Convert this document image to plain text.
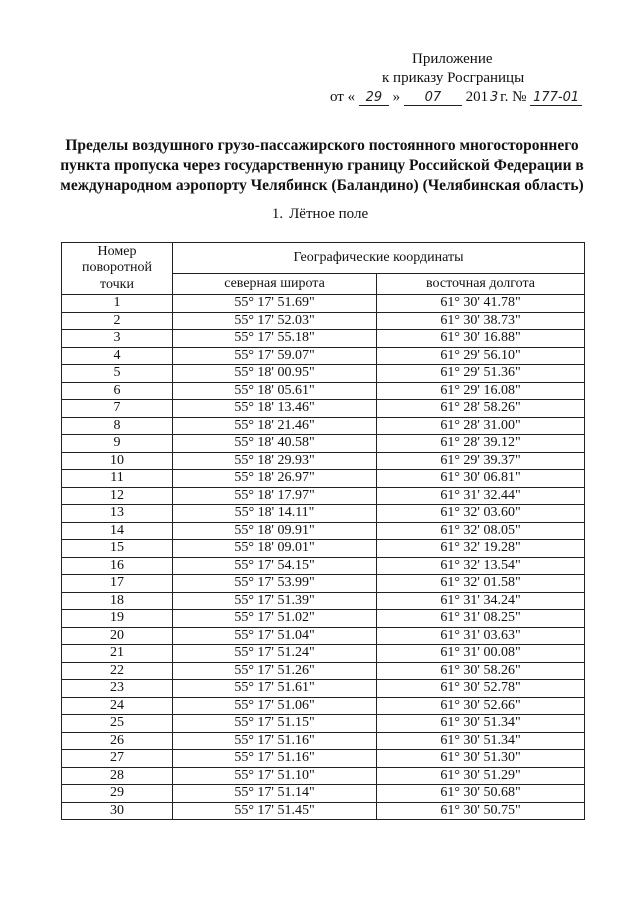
Приложение
к приказу Росграницы
от « 29 » 07 201 3 г. № 177-01
Пределы воздушного грузо-пассажирского постоянного многостороннего пункта пропуска через государственную границу Российской Федерации в международном аэропорту Челябинск (Баландино) (Челябинская область)
1. Лётное поле
Номер
поворотной
точки	Географические координаты	
	северная широта	восточная долгота
1	55° 17' 51.69"	61° 30' 41.78"
2	55° 17' 52.03"	61° 30' 38.73"
3	55° 17' 55.18"	61° 30' 16.88"
4	55° 17' 59.07"	61° 29' 56.10"
5	55° 18' 00.95"	61° 29' 51.36"
6	55° 18' 05.61"	61° 29' 16.08"
7	55° 18' 13.46"	61° 28' 58.26"
8	55° 18' 21.46"	61° 28' 31.00"
9	55° 18' 40.58"	61° 28' 39.12"
10	55° 18' 29.93"	61° 29' 39.37"
11	55° 18' 26.97"	61° 30' 06.81"
12	55° 18' 17.97"	61° 31' 32.44"
13	55° 18' 14.11"	61° 32' 03.60"
14	55° 18' 09.91"	61° 32' 08.05"
15	55° 18' 09.01"	61° 32' 19.28"
16	55° 17' 54.15"	61° 32' 13.54"
17	55° 17' 53.99"	61° 32' 01.58"
18	55° 17' 51.39"	61° 31' 34.24"
19	55° 17' 51.02"	61° 31' 08.25"
20	55° 17' 51.04"	61° 31' 03.63"
21	55° 17' 51.24"	61° 31' 00.08"
22	55° 17' 51.26"	61° 30' 58.26"
23	55° 17' 51.61"	61° 30' 52.78"
24	55° 17' 51.06"	61° 30' 52.66"
25	55° 17' 51.15"	61° 30' 51.34"
26	55° 17' 51.16"	61° 30' 51.34"
27	55° 17' 51.16"	61° 30' 51.30"
28	55° 17' 51.10"	61° 30' 51.29"
29	55° 17' 51.14"	61° 30' 50.68"
30	55° 17' 51.45"	61° 30' 50.75"
